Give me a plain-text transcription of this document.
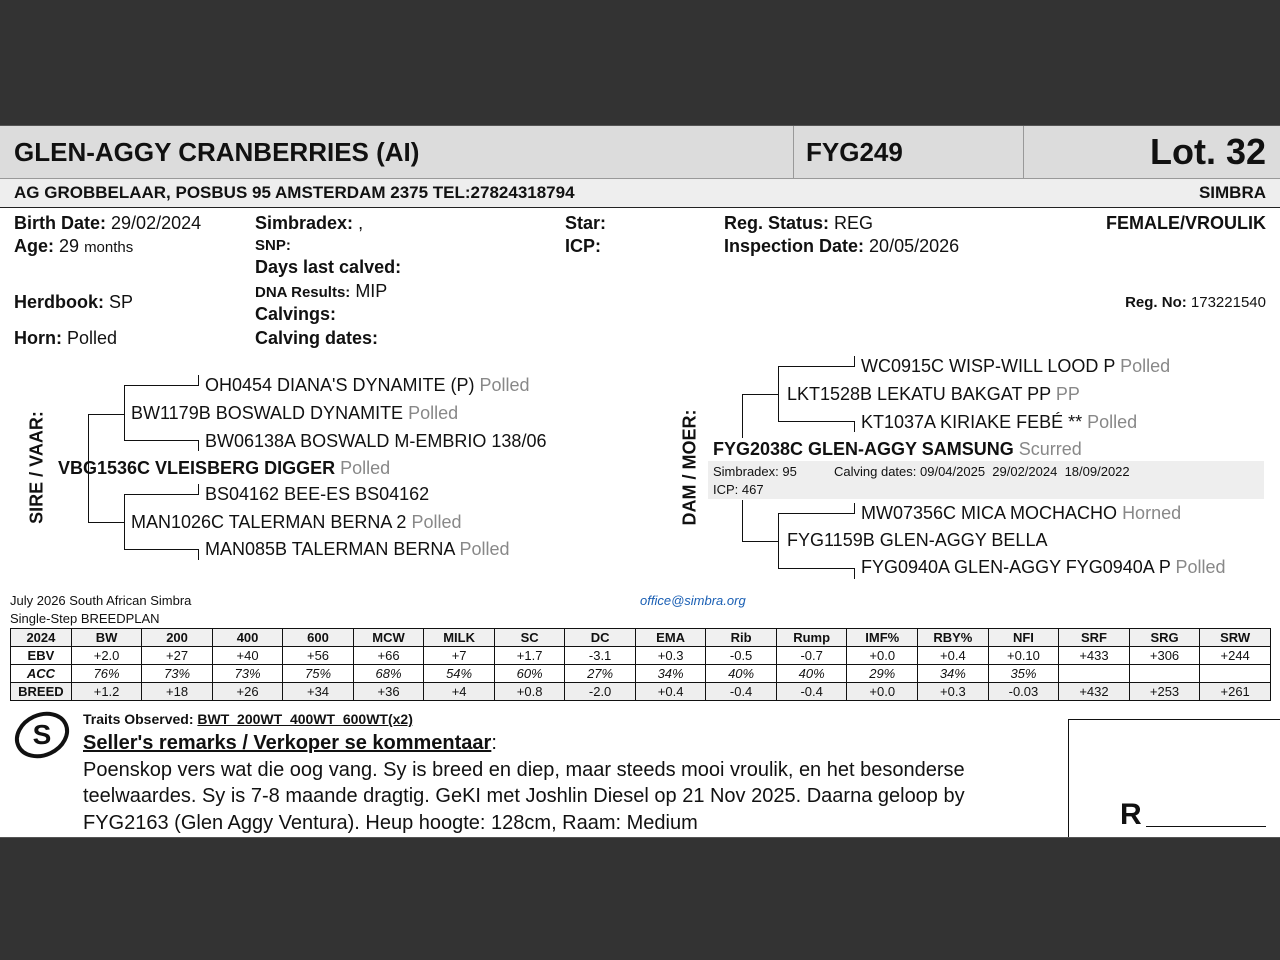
GLEN-AGGY CRANBERRIES (AI)	FYG249	Lot. 32
AG GROBBELAAR, POSBUS 95 AMSTERDAM 2375 TEL:27824318794	SIMBRA
Birth Date: 29/02/2024
Age: 29 months
Herdbook: SP
Horn: Polled
Simbradex: ,
SNP:
Days last calved:
DNA Results: MIP
Calvings:
Calving dates:
Star:
ICP:
Reg. Status: REG
Inspection Date: 20/05/2026
FEMALE/VROULIK
Reg. No: 173221540
SIRE / VAAR:
OH0454 DIANA'S DYNAMITE (P) Polled
BW1179B BOSWALD DYNAMITE Polled
BW06138A BOSWALD M-EMBRIO 138/06
VBG1536C VLEISBERG DIGGER Polled
BS04162 BEE-ES BS04162
MAN1026C TALERMAN BERNA 2 Polled
MAN085B TALERMAN BERNA Polled
DAM / MOER:
WC0915C WISP-WILL LOOD P Polled
LKT1528B LEKATU BAKGAT PP PP
KT1037A KIRIAKE FEBÉ ** Polled
FYG2038C GLEN-AGGY SAMSUNG Scurred
Simbradex: 95	Calving dates: 09/04/2025  29/02/2024  18/09/2022
ICP: 467
MW07356C MICA MOCHACHO Horned
FYG1159B GLEN-AGGY BELLA
FYG0940A GLEN-AGGY FYG0940A P Polled
July 2026 South African Simbra
Single-Step BREEDPLAN
office@simbra.org
2024	BW	200	400	600	MCW	MILK	SC	DC	EMA	Rib	Rump	IMF%	RBY%	NFI	SRF	SRG	SRW
EBV	+2.0	+27	+40	+56	+66	+7	+1.7	-3.1	+0.3	-0.5	-0.7	+0.0	+0.4	+0.10	+433	+306	+244
ACC	76%	73%	73%	75%	68%	54%	60%	27%	34%	40%	40%	29%	34%	35%			
BREED	+1.2	+18	+26	+34	+36	+4	+0.8	-2.0	+0.4	-0.4	-0.4	+0.0	+0.3	-0.03	+432	+253	+261
S Traits Observed: BWT  200WT  400WT  600WT(x2)
Seller's remarks / Verkoper se kommentaar:
Poenskop vers wat die oog vang. Sy is breed en diep, maar steeds mooi vroulik, en het besonderse
teelwaardes. Sy is 7-8 maande dragtig. GeKI met Joshlin Diesel op 21 Nov 2025. Daarna geloop by
FYG2163 (Glen Aggy Ventura). Heup hoogte: 128cm, Raam: Medium	R
